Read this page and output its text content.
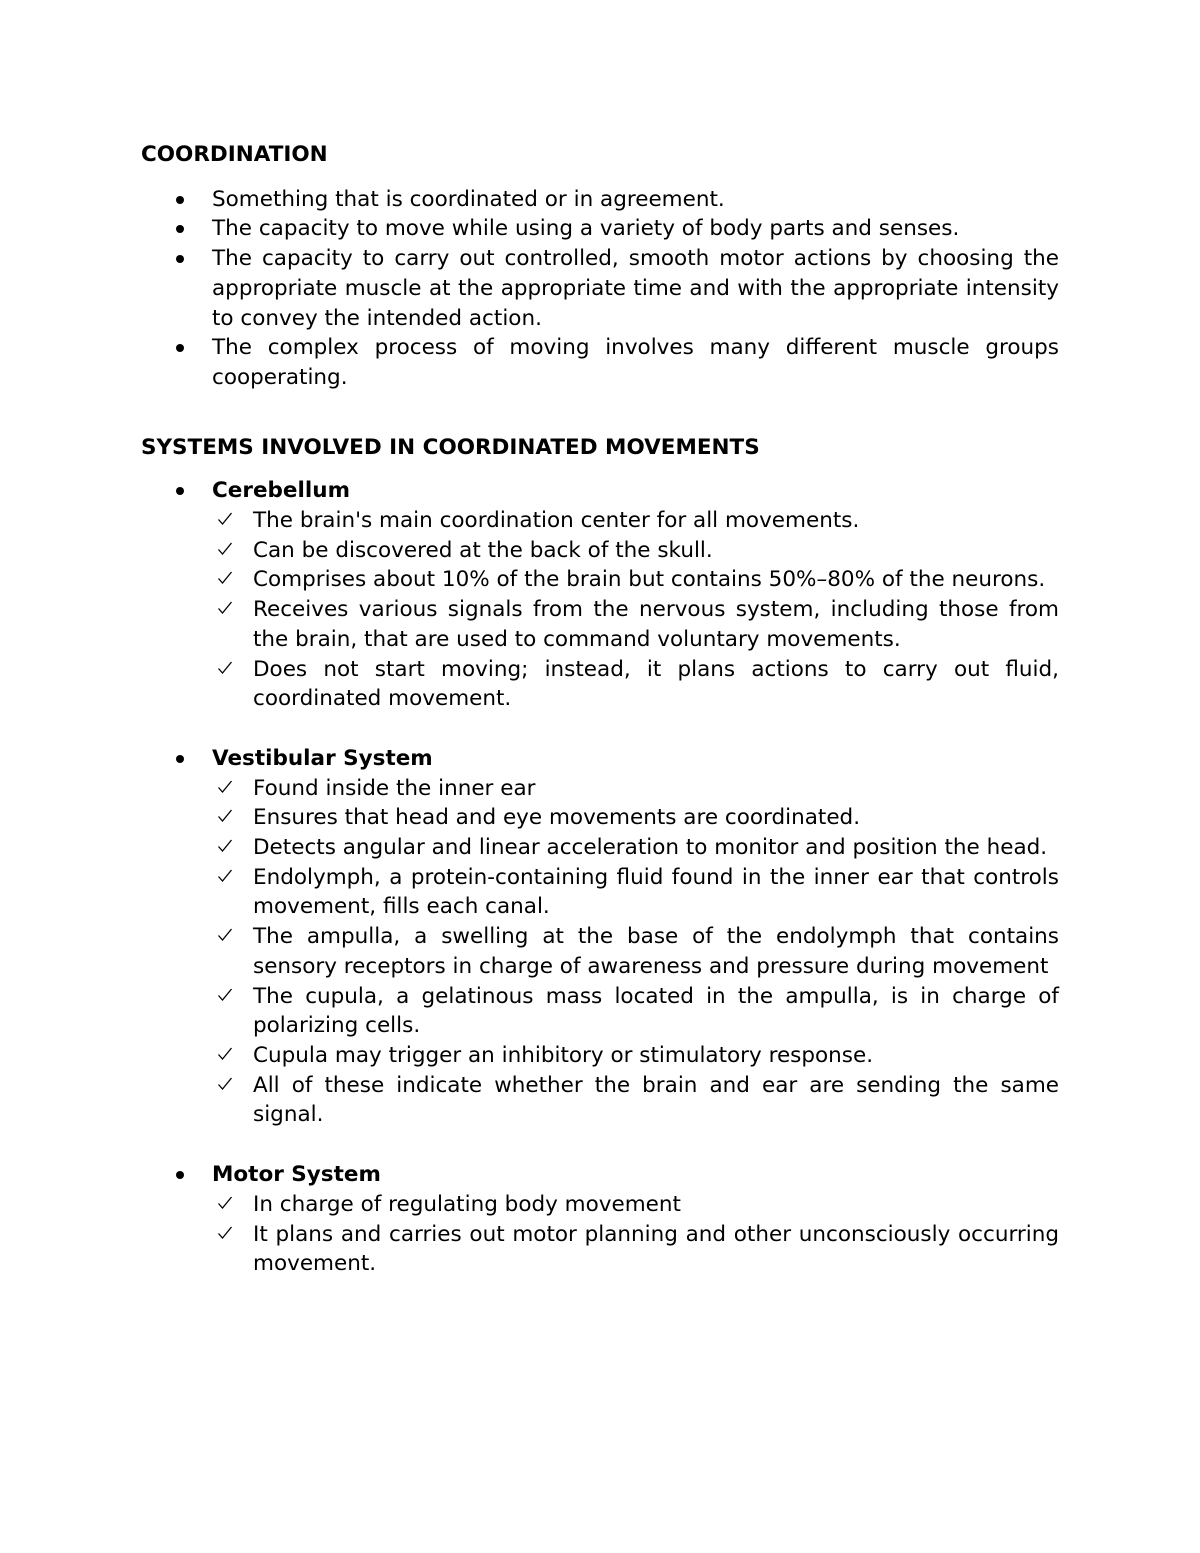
COORDINATION

Something that is coordinated or in agreement.
The capacity to move while using a variety of body parts and senses.
The capacity to carry out controlled, smooth motor actions by choosing the appropriate muscle at the appropriate time and with the appropriate intensity to convey the intended action.
The complex process of moving involves many different muscle groups cooperating.

SYSTEMS INVOLVED IN COORDINATED MOVEMENTS

Cerebellum
The brain's main coordination center for all movements.
Can be discovered at the back of the skull.
Comprises about 10% of the brain but contains 50%–80% of the neurons.
Receives various signals from the nervous system, including those from the brain, that are used to command voluntary movements.
Does not start moving; instead, it plans actions to carry out fluid, coordinated movement.
Vestibular System
Found inside the inner ear
Ensures that head and eye movements are coordinated.
Detects angular and linear acceleration to monitor and position the head.
Endolymph, a protein-containing fluid found in the inner ear that controls movement, fills each canal.
The ampulla, a swelling at the base of the endolymph that contains sensory receptors in charge of awareness and pressure during movement
The cupula, a gelatinous mass located in the ampulla, is in charge of polarizing cells.
Cupula may trigger an inhibitory or stimulatory response.
All of these indicate whether the brain and ear are sending the same signal.
Motor System
In charge of regulating body movement
It plans and carries out motor planning and other unconsciously occurring movement.
